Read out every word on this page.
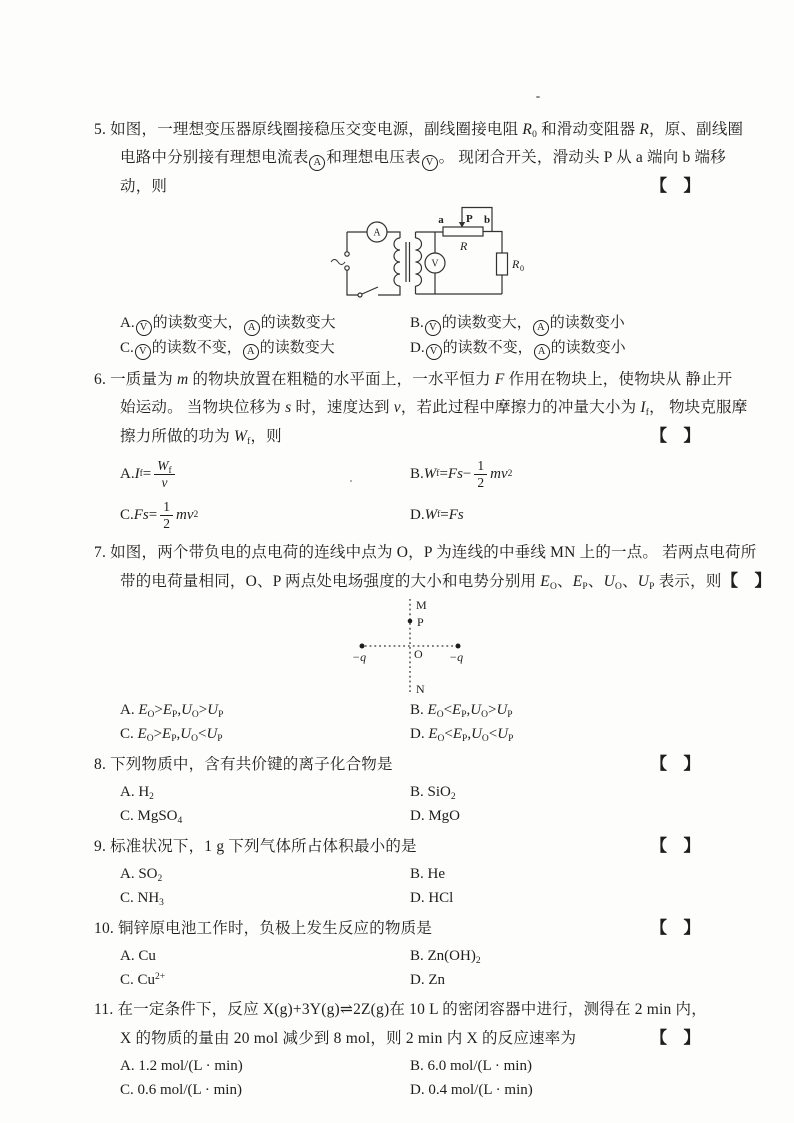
5. 如图，一理想变压器原线圈接稳压交变电源，副线圈接电阻 $R_0$ 和滑动变阻器 R，原、副线圈
电路中分别接有理想电流表 A 和理想电压表 V 。 现闭合开关，滑动头 P 从 a 端向 b 端移
动，则	【　】
A
V
a P b
R
R 0
A. V 的读数变大， A 的读数变大	B. V 的读数变大， A 的读数变小
C. V 的读数不变， A 的读数变大	D. V 的读数不变， A 的读数变小
6. 一质量为 m 的物块放置在粗糙的水平面上，一水平恒力 F 作用在物块上，使物块从 静止开
始运动。 当物块位移为 s 时，速度达到 v，若此过程中摩擦力的冲量大小为 $I_f$， 物块克服摩
擦力所做的功为 $W_f$，则	【　】
A. I $f = \frac{W_f}{v}$	B. W $f = Fs - \frac{1}{2}$ mv 2
C. $Fs = \frac{1}{2}$ mv 2	D. W f = Fs
7. 如图，两个带负电的点电荷的连线中点为 O，P 为连线的中垂线 MN 上的一点。 若两点电荷所
带的电荷量相同，O、P 两点处电场强度的大小和电势分别用 $E_O$、$E_P$、$U_O$、$U_P$ 表示，则 【　】
M
P
O
N
−q	−q
A. $E_O>E_P,U_O>U_P$	B. $E_O<E_P,U_O>U_P$
C. $E_O>E_P,U_O<U_P$	D. $E_O<E_P,U_O<U_P$
8. 下列物质中，含有共价键的离子化合物是	【　】
A. $H_2$	B. SiO$_2$
C. MgSO$_4$	D. MgO
9. 标准状况下，1 g 下列气体所占体积最小的是	【　】
A. $SO_2$	B. He
C. $NH_3$	D. HCl
10. 铜锌原电池工作时，负极上发生反应的物质是	【　】
A. Cu	B. $Zn(OH)_2$
C. $Cu^{2+}$	D. Zn
11. 在一定条件下，反应 X(g)+3Y(g)⇌2Z(g)在 10 L 的密闭容器中进行，测得在 2 min 内，
X 的物质的量由 20 mol 减少到 8 mol，则 2 min 内 X 的反应速率为	【　】
A. 1.2 mol/(L · min)	B. 6.0 mol/(L · min)
C. 0.6 mol/(L · min)	D. 0.4 mol/(L · min)
